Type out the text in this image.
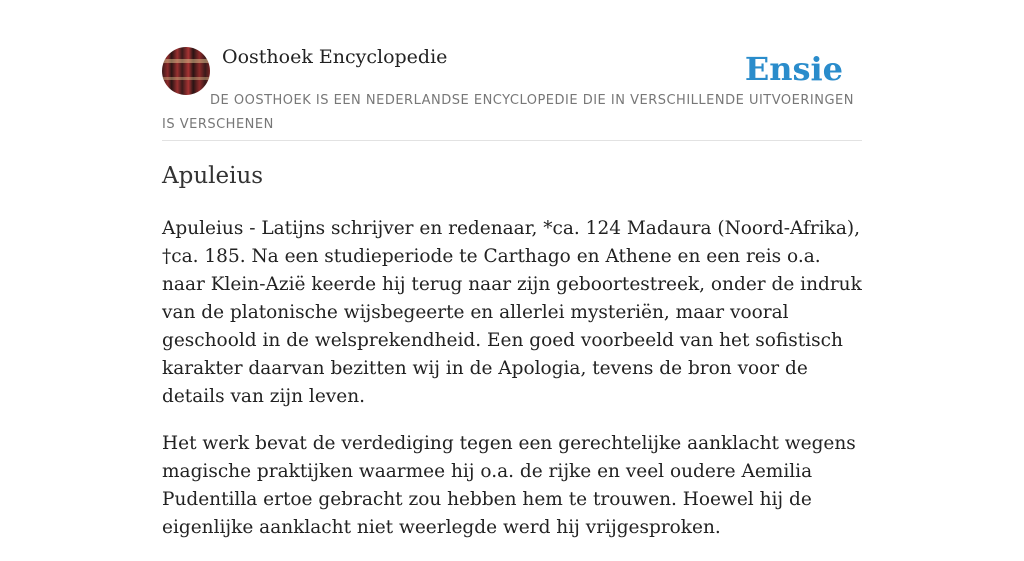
Oosthoek Encyclopedie	Ensie
DE OOSTHOEK IS EEN NEDERLANDSE ENCYCLOPEDIE DIE IN VERSCHILLENDE UITVOERINGEN IS VERSCHENEN
Apuleius

Apuleius - Latijns schrijver en redenaar, *ca. 124 Madaura (Noord-Afrika), †ca. 185. Na een studieperiode te Carthago en Athene en een reis o.a. naar Klein-Azië keerde hij terug naar zijn geboortestreek, onder de indruk van de platonische wijsbegeerte en allerlei mysteriën, maar vooral geschoold in de welsprekendheid. Een goed voorbeeld van het sofistisch karakter daarvan bezitten wij in de Apologia, tevens de bron voor de details van zijn leven.

Het werk bevat de verdediging tegen een gerechtelijke aanklacht wegens magische praktijken waarmee hij o.a. de rijke en veel oudere Aemilia Pudentilla ertoe gebracht zou hebben hem te trouwen. Hoewel hij de eigenlijke aanklacht niet weerlegde werd hij vrijgesproken.
